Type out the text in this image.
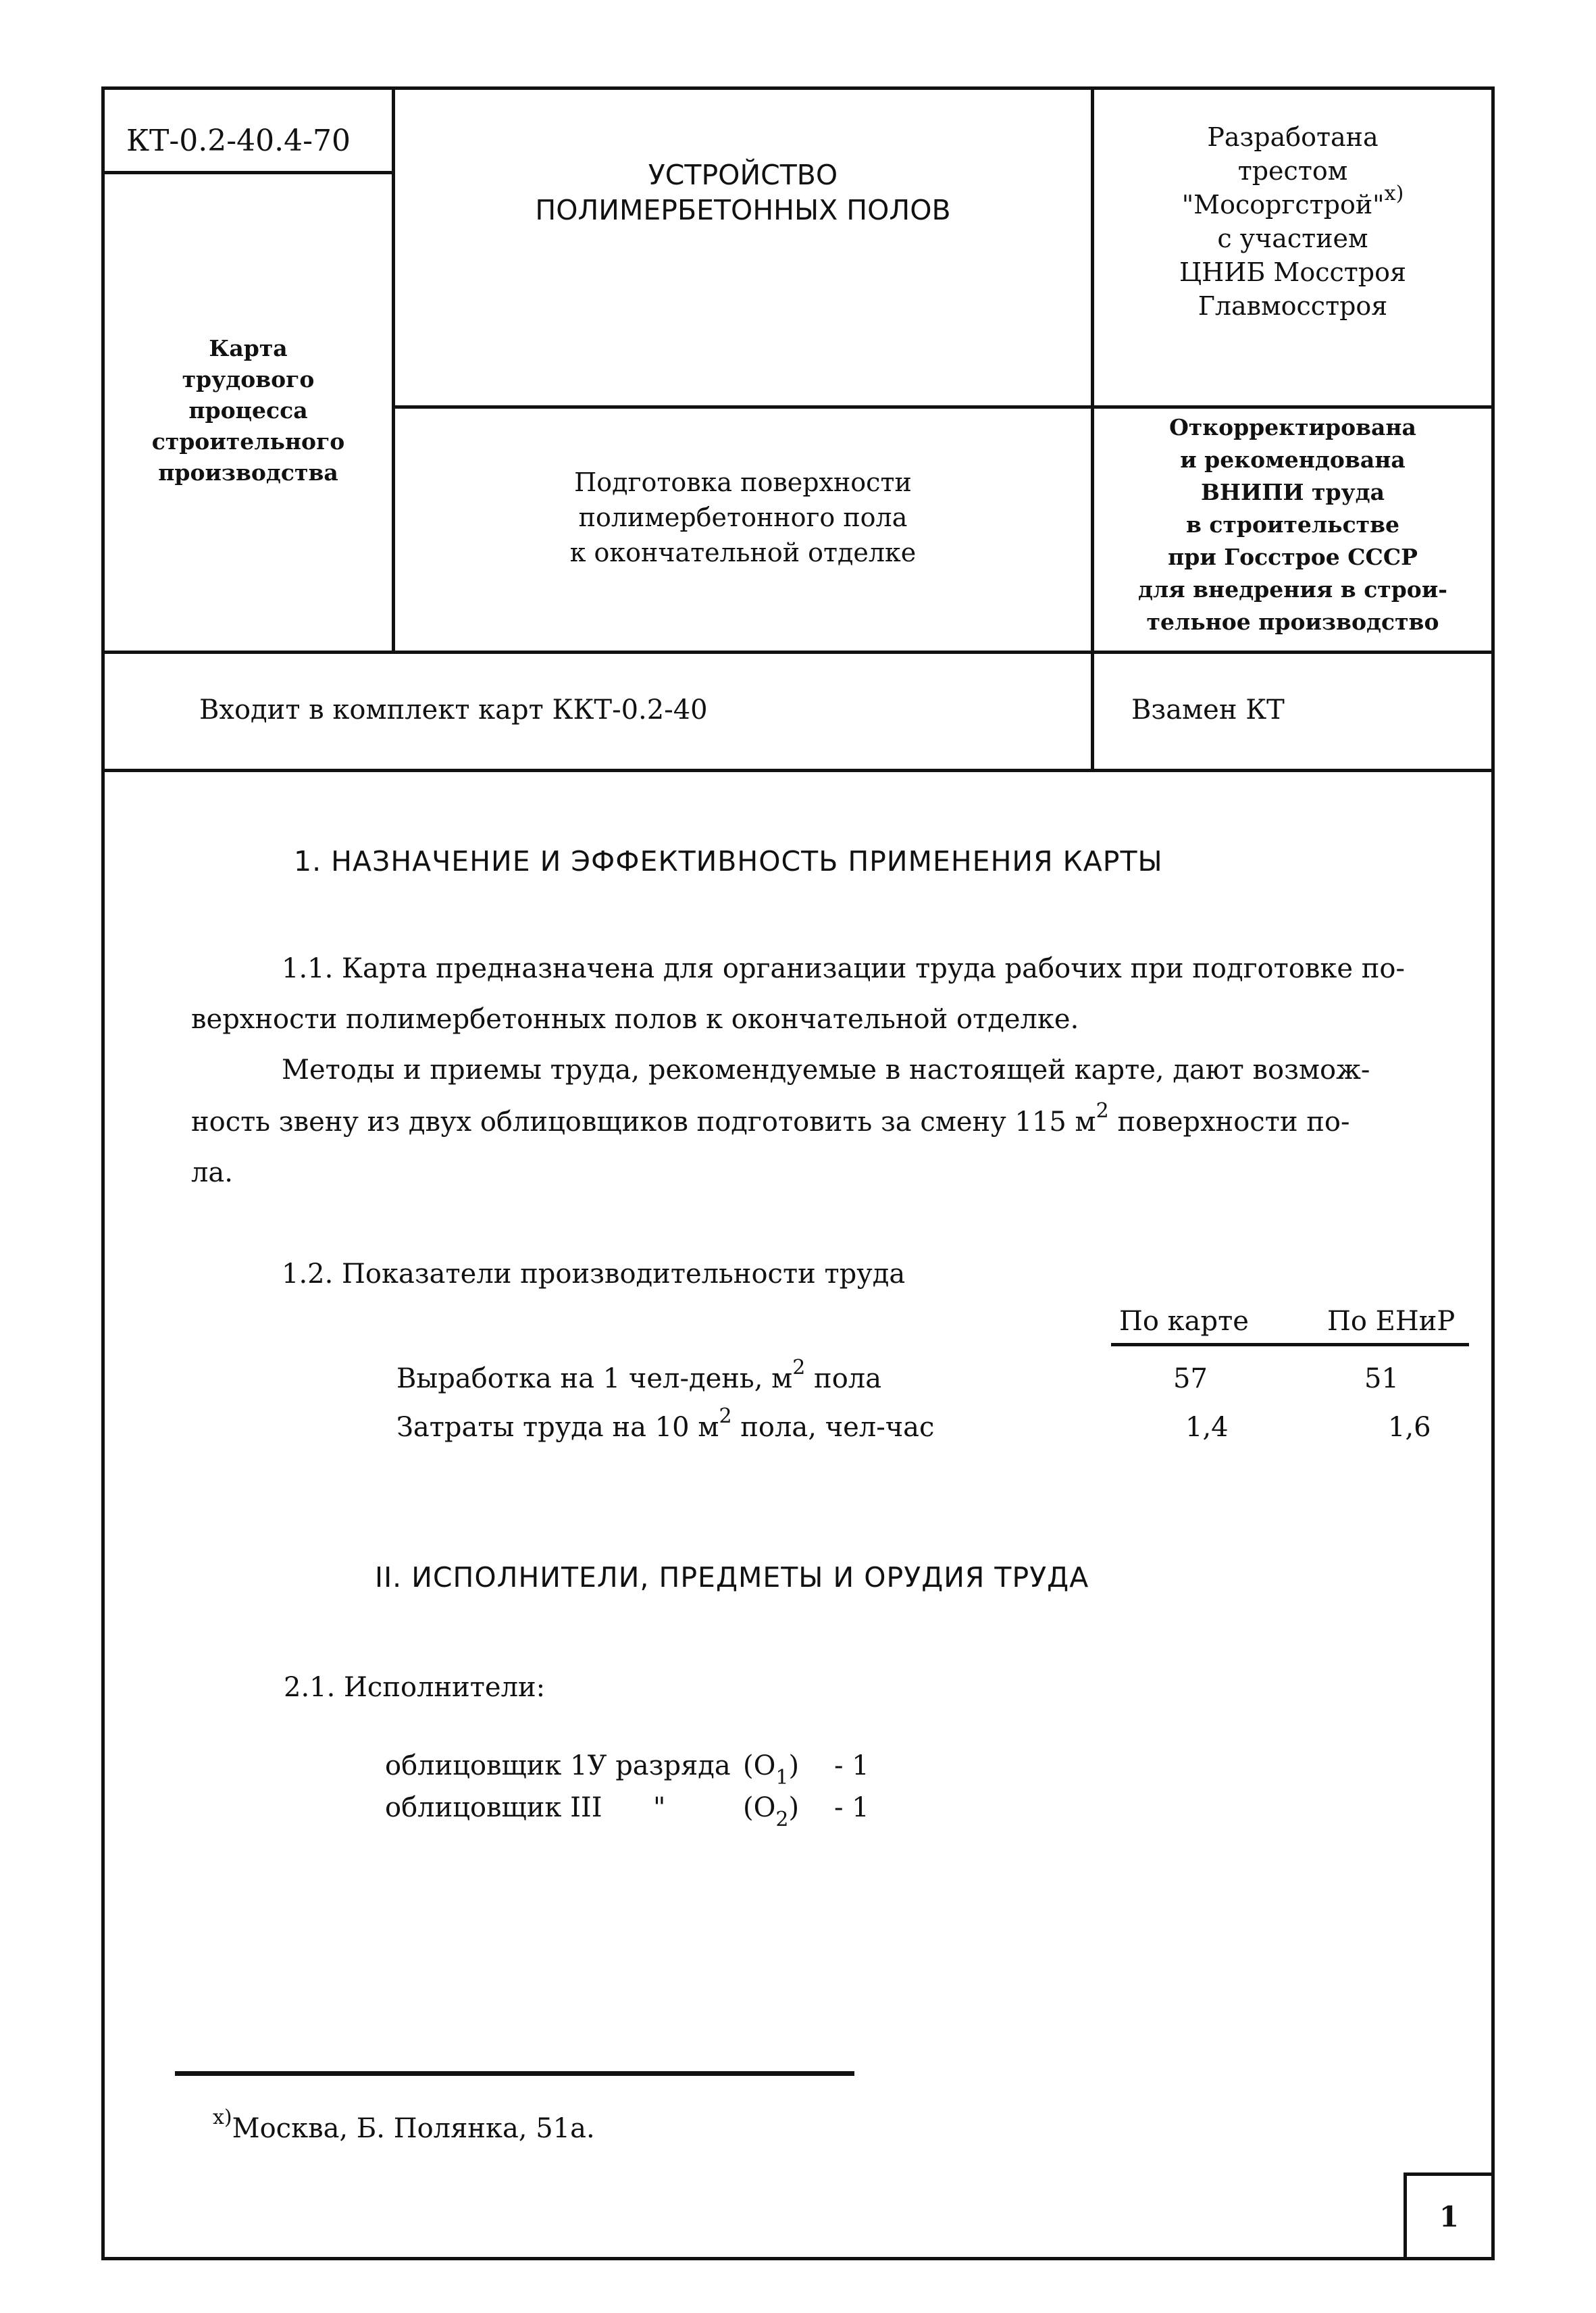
КТ-0.2-40.4-70
Карта
трудового
процесса
строительного
производства
УСТРОЙСТВО
ПОЛИМЕРБЕТОННЫХ ПОЛОВ
Разработана
трестом
"Мосоргстрой"$^{x)}$
с участием
ЦНИБ Мосстроя
Главмосстроя
Подготовка поверхности
полимербетонного пола
к окончательной отделке
Откорректирована
и рекомендована
ВНИПИ труда
в строительстве
при Госстрое СССР
для внедрения в строи-
тельное производство
Входит в комплект карт ККТ-0.2-40	Взамен КТ
1. НАЗНАЧЕНИЕ И ЭФФЕКТИВНОСТЬ ПРИМЕНЕНИЯ КАРТЫ
1.1. Карта предназначена для организации труда рабочих при подготовке по-
верхности полимербетонных полов к окончательной отделке.
Методы и приемы труда, рекомендуемые в настоящей карте, дают возмож-
ность звену из двух облицовщиков подготовить за смену 115 $м^2$ поверхности по-
ла.
1.2. Показатели производительности труда
По карте	По ЕНиР
Выработка на 1 чел-день, $м^2$ пола	57	51
Затраты труда на 10 $м^2$ пола, чел-час	1,4	1,6
II. ИСПОЛНИТЕЛИ, ПРЕДМЕТЫ И ОРУДИЯ ТРУДА
2.1. Исполнители:
облицовщик 1У разряда $(О_1) - 1$
облицовщик III "	$(О_2) - 1$
$^{x)}$Москва, Б. Полянка, 51а.
1
